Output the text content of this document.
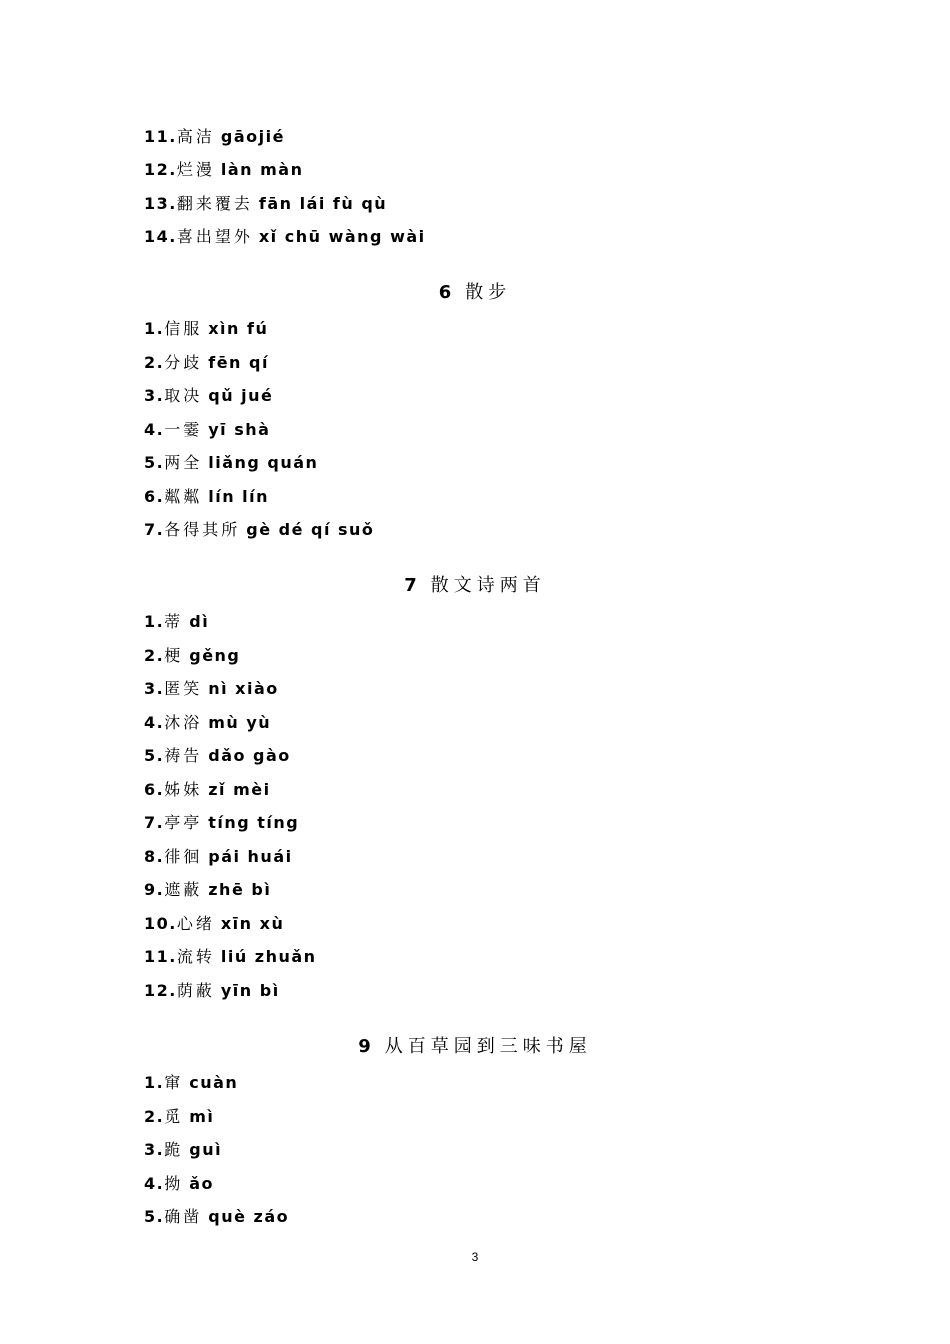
11.高洁 gāojié
12.烂漫 làn màn
13.翻来覆去 fān lái fù qù
14.喜出望外 xǐ chū wàng wài
6 散步
1.信服 xìn fú
2.分歧 fēn qí
3.取决 qǔ jué
4.一霎 yī shà
5.两全 liǎng quán
6.粼粼 lín lín
7.各得其所 gè dé qí suǒ
7 散文诗两首
1.蒂 dì
2.梗 gěng
3.匿笑 nì xiào
4.沐浴 mù yù
5.祷告 dǎo gào
6.姊妹 zǐ mèi
7.亭亭 tíng tíng
8.徘徊 pái huái
9.遮蔽 zhē bì
10.心绪 xīn xù
11.流转 liú zhuǎn
12.荫蔽 yīn bì
9 从百草园到三味书屋
1.窜 cuàn
2.觅 mì
3.跪 guì
4.拗 ǎo
5.确凿 què záo
3
